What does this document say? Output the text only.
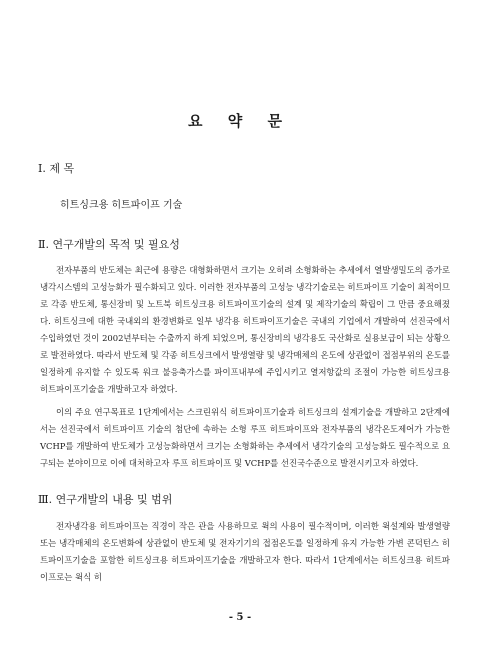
요 약 문
Ⅰ. 제 목
히트싱크용 히트파이프 기술
Ⅱ. 연구개발의 목적 및 필요성

전자부품의 반도체는 최근에 용량은 대형화하면서 크기는 오히려 소형화하는 추세에서 열발생밀도의 증가로 냉각시스템의 고성능화가 필수화되고 있다. 이러한 전자부품의 고성능 냉각기술로는 히트파이프 기술이 최적이므로 각종 반도체, 통신장비 및 노트북 히트싱크용 히트파이프기술의 설계 및 제작기술의 확립이 그 만큼 중요해졌다. 히트싱크에 대한 국내외의 환경변화로 일부 냉각용 히트파이프기술은 국내의 기업에서 개발하여 선진국에서 수입하였던 것이 2002년부터는 수출까지 하게 되었으며, 통신장비의 냉각용도 국산화로 실용보급이 되는 상황으로 발전하였다. 따라서 반도체 및 각종 히트싱크에서 발생열량 및 냉각매체의 온도에 상관없이 접점부위의 온도를 일정하게 유지할 수 있도록 워크 불응축가스를 파이프내부에 주입시키고 열저항값의 조절이 가능한 히트싱크용 히트파이프기술을 개발하고자 하였다.

이의 주요 연구목표로 1단계에서는 스크린위식 히트파이프기술과 히트싱크의 설계기술을 개발하고 2단계에서는 선진국에서 히트파이프 기술의 첨단에 속하는 소형 루프 히트파이프와 전자부품의 냉각온도제어가 가능한 VCHP를 개발하여 반도체가 고성능화하면서 크기는 소형화하는 추세에서 냉각기술의 고성능화도 필수적으로 요구되는 분야이므로 이에 대처하고자 루프 히트파이프 및 VCHP를 선진국수준으로 발전시키고자 하였다.

Ⅲ. 연구개발의 내용 및 범위

전자냉각용 히트파이프는 직경이 작은 관을 사용하므로 윅의 사용이 필수적이며, 이러한 윅설계와 발생열량 또는 냉각매체의 온도변화에 상관없이 반도체 및 전자기기의 접점온도를 일정하게 유지 가능한 가변 콘덕턴스 히트파이프기술을 포함한 히트싱크용 히트파이프기술을 개발하고자 한다. 따라서 1단계에서는 히트싱크용 히트파이프로는 윅식 히

- 5 -
